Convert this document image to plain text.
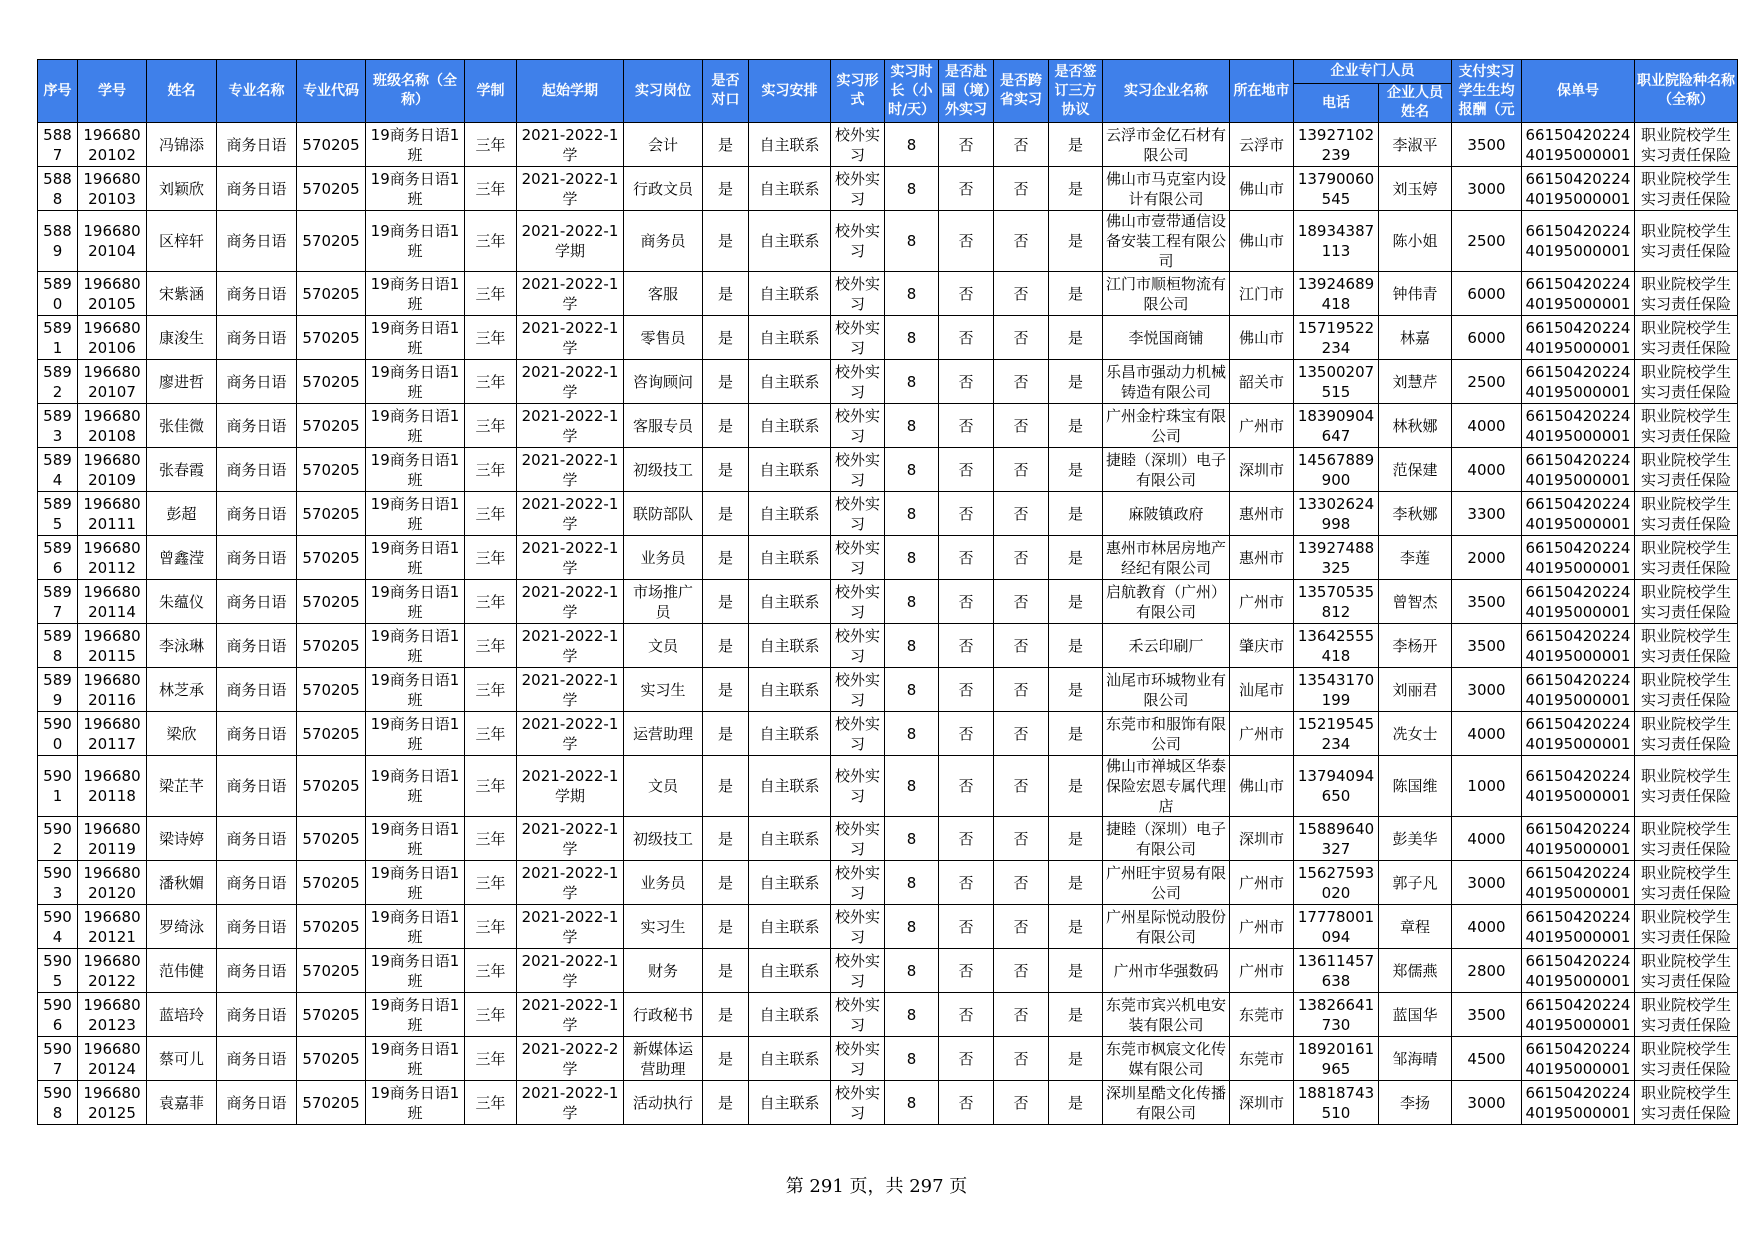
序号	学号	姓名	专业名称	专业代码	班级名称（全称）	学制	起始学期	实习岗位	是否对口	实习安排	实习形式	实习时长（小时/天）	是否赴国（境）外实习	是否跨省实习	是否签订三方协议	实习企业名称	所在地市	企业专门人员		支付实习学生生均报酬（元	保单号	职业院险种名称（全称）
																		电话	企业人员姓名			

5887	19668020102	冯锦添	商务日语	570205	19商务日语1班	三年	2021-2022-1学	会计	是	自主联系	校外实习	8	否	否	是	云浮市金亿石材有限公司	云浮市	13927102239	李淑平	3500	6615042022440195000001	职业院校学生实习责任保险

5888	19668020103	刘颖欣	商务日语	570205	19商务日语1班	三年	2021-2022-1学	行政文员	是	自主联系	校外实习	8	否	否	是	佛山市马克室内设计有限公司	佛山市	13790060545	刘玉婷	3000	6615042022440195000001	职业院校学生实习责任保险

5889	19668020104	区梓轩	商务日语	570205	19商务日语1班	三年	2021-2022-1学期	商务员	是	自主联系	校外实习	8	否	否	是	佛山市壹带通信设备安装工程有限公司	佛山市	18934387113	陈小姐	2500	6615042022440195000001	职业院校学生实习责任保险

5890	19668020105	宋紫涵	商务日语	570205	19商务日语1班	三年	2021-2022-1学	客服	是	自主联系	校外实习	8	否	否	是	江门市顺桓物流有限公司	江门市	13924689418	钟伟青	6000	6615042022440195000001	职业院校学生实习责任保险

5891	19668020106	康浚生	商务日语	570205	19商务日语1班	三年	2021-2022-1学	零售员	是	自主联系	校外实习	8	否	否	是	李悦国商铺	佛山市	15719522234	林嘉	6000	6615042022440195000001	职业院校学生实习责任保险

5892	19668020107	廖进哲	商务日语	570205	19商务日语1班	三年	2021-2022-1学	咨询顾问	是	自主联系	校外实习	8	否	否	是	乐昌市强动力机械铸造有限公司	韶关市	13500207515	刘慧芹	2500	6615042022440195000001	职业院校学生实习责任保险

5893	19668020108	张佳微	商务日语	570205	19商务日语1班	三年	2021-2022-1学	客服专员	是	自主联系	校外实习	8	否	否	是	广州金柠珠宝有限公司	广州市	18390904647	林秋娜	4000	6615042022440195000001	职业院校学生实习责任保险

5894	19668020109	张春霞	商务日语	570205	19商务日语1班	三年	2021-2022-1学	初级技工	是	自主联系	校外实习	8	否	否	是	捷睦（深圳）电子有限公司	深圳市	14567889900	范保建	4000	6615042022440195000001	职业院校学生实习责任保险

5895	19668020111	彭超	商务日语	570205	19商务日语1班	三年	2021-2022-1学	联防部队	是	自主联系	校外实习	8	否	否	是	麻陂镇政府	惠州市	13302624998	李秋娜	3300	6615042022440195000001	职业院校学生实习责任保险

5896	19668020112	曾鑫滢	商务日语	570205	19商务日语1班	三年	2021-2022-1学	业务员	是	自主联系	校外实习	8	否	否	是	惠州市林居房地产经纪有限公司	惠州市	13927488325	李莲	2000	6615042022440195000001	职业院校学生实习责任保险

5897	19668020114	朱蕴仪	商务日语	570205	19商务日语1班	三年	2021-2022-1学	市场推广员	是	自主联系	校外实习	8	否	否	是	启航教育（广州）有限公司	广州市	13570535812	曾智杰	3500	6615042022440195000001	职业院校学生实习责任保险

5898	19668020115	李泳琳	商务日语	570205	19商务日语1班	三年	2021-2022-1学	文员	是	自主联系	校外实习	8	否	否	是	禾云印刷厂	肇庆市	13642555418	李杨开	3500	6615042022440195000001	职业院校学生实习责任保险

5899	19668020116	林芝承	商务日语	570205	19商务日语1班	三年	2021-2022-1学	实习生	是	自主联系	校外实习	8	否	否	是	汕尾市环城物业有限公司	汕尾市	13543170199	刘丽君	3000	6615042022440195000001	职业院校学生实习责任保险

5900	19668020117	梁欣	商务日语	570205	19商务日语1班	三年	2021-2022-1学	运营助理	是	自主联系	校外实习	8	否	否	是	东莞市和服饰有限公司	广州市	15219545234	冼女士	4000	6615042022440195000001	职业院校学生实习责任保险

5901	19668020118	梁芷芊	商务日语	570205	19商务日语1班	三年	2021-2022-1学期	文员	是	自主联系	校外实习	8	否	否	是	佛山市禅城区华泰保险宏恩专属代理店	佛山市	13794094650	陈国维	1000	6615042022440195000001	职业院校学生实习责任保险

5902	19668020119	梁诗婷	商务日语	570205	19商务日语1班	三年	2021-2022-1学	初级技工	是	自主联系	校外实习	8	否	否	是	捷睦（深圳）电子有限公司	深圳市	15889640327	彭美华	4000	6615042022440195000001	职业院校学生实习责任保险

5903	19668020120	潘秋媚	商务日语	570205	19商务日语1班	三年	2021-2022-1学	业务员	是	自主联系	校外实习	8	否	否	是	广州旺宇贸易有限公司	广州市	15627593020	郭子凡	3000	6615042022440195000001	职业院校学生实习责任保险

5904	19668020121	罗绮泳	商务日语	570205	19商务日语1班	三年	2021-2022-1学	实习生	是	自主联系	校外实习	8	否	否	是	广州星际悦动股份有限公司	广州市	17778001094	章程	4000	6615042022440195000001	职业院校学生实习责任保险

5905	19668020122	范伟健	商务日语	570205	19商务日语1班	三年	2021-2022-1学	财务	是	自主联系	校外实习	8	否	否	是	广州市华强数码	广州市	13611457638	郑儒燕	2800	6615042022440195000001	职业院校学生实习责任保险

5906	19668020123	蓝培玲	商务日语	570205	19商务日语1班	三年	2021-2022-1学	行政秘书	是	自主联系	校外实习	8	否	否	是	东莞市宾兴机电安装有限公司	东莞市	13826641730	蓝国华	3500	6615042022440195000001	职业院校学生实习责任保险

5907	19668020124	蔡可儿	商务日语	570205	19商务日语1班	三年	2021-2022-2学	新媒体运营助理	是	自主联系	校外实习	8	否	否	是	东莞市枫宸文化传媒有限公司	东莞市	18920161965	邹海晴	4500	6615042022440195000001	职业院校学生实习责任保险

5908	19668020125	袁嘉菲	商务日语	570205	19商务日语1班	三年	2021-2022-1学	活动执行	是	自主联系	校外实习	8	否	否	是	深圳星酷文化传播有限公司	深圳市	18818743510	李扬	3000	6615042022440195000001	职业院校学生实习责任保险
第 291 页，共 297 页
